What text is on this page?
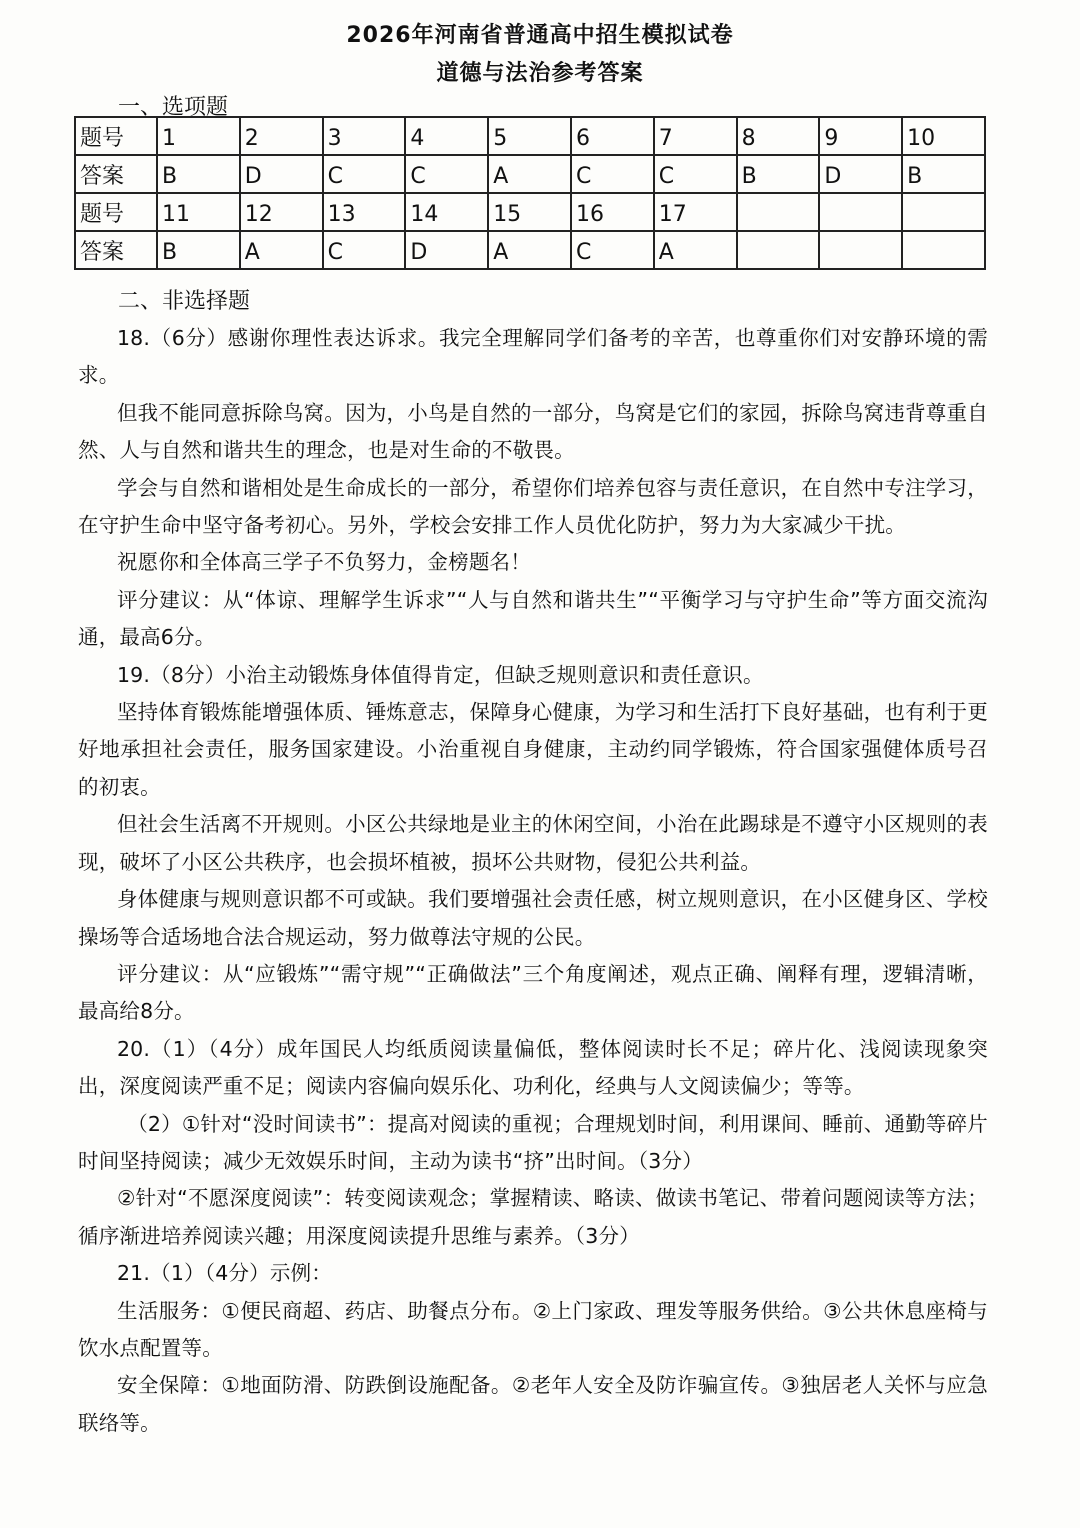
2026年河南省普通高中招生模拟试卷
道德与法治参考答案
一、选项题
题号	1	2	3	4	5	6	7	8	9	10
答案	B	D	C	C	A	C	C	B	D	B
题号	11	12	13	14	15	16	17			
答案	B	A	C	D	A	C	A			
二、非选择题

18.（6分）感谢你理性表达诉求。我完全理解同学们备考的辛苦，也尊重你们对安静环境的需求。

但我不能同意拆除鸟窝。因为，小鸟是自然的一部分，鸟窝是它们的家园，拆除鸟窝违背尊重自然、人与自然和谐共生的理念，也是对生命的不敬畏。

学会与自然和谐相处是生命成长的一部分，希望你们培养包容与责任意识，在自然中专注学习，在守护生命中坚守备考初心。另外，学校会安排工作人员优化防护，努力为大家减少干扰。

祝愿你和全体高三学子不负努力，金榜题名！

评分建议：从“体谅、理解学生诉求”“人与自然和谐共生”“平衡学习与守护生命”等方面交流沟通，最高6分。

19.（8分）小治主动锻炼身体值得肯定，但缺乏规则意识和责任意识。

坚持体育锻炼能增强体质、锤炼意志，保障身心健康，为学习和生活打下良好基础，也有利于更好地承担社会责任，服务国家建设。小治重视自身健康，主动约同学锻炼，符合国家强健体质号召的初衷。

但社会生活离不开规则。小区公共绿地是业主的休闲空间，小治在此踢球是不遵守小区规则的表现，破坏了小区公共秩序，也会损坏植被，损坏公共财物，侵犯公共利益。

身体健康与规则意识都不可或缺。我们要增强社会责任感，树立规则意识，在小区健身区、学校操场等合适场地合法合规运动，努力做尊法守规的公民。

评分建议：从“应锻炼”“需守规”“正确做法”三个角度阐述，观点正确、阐释有理，逻辑清晰，最高给8分。

20.（1）（4分）成年国民人均纸质阅读量偏低，整体阅读时长不足；碎片化、浅阅读现象突出，深度阅读严重不足；阅读内容偏向娱乐化、功利化，经典与人文阅读偏少；等等。

（2）①针对“没时间读书”：提高对阅读的重视；合理规划时间，利用课间、睡前、通勤等碎片时间坚持阅读；减少无效娱乐时间，主动为读书“挤”出时间。（3分）

②针对“不愿深度阅读”：转变阅读观念；掌握精读、略读、做读书笔记、带着问题阅读等方法；循序渐进培养阅读兴趣；用深度阅读提升思维与素养。（3分）

21.（1）（4分）示例：

生活服务：①便民商超、药店、助餐点分布。②上门家政、理发等服务供给。③公共休息座椅与饮水点配置等。

安全保障：①地面防滑、防跌倒设施配备。②老年人安全及防诈骗宣传。③独居老人关怀与应急联络等。
